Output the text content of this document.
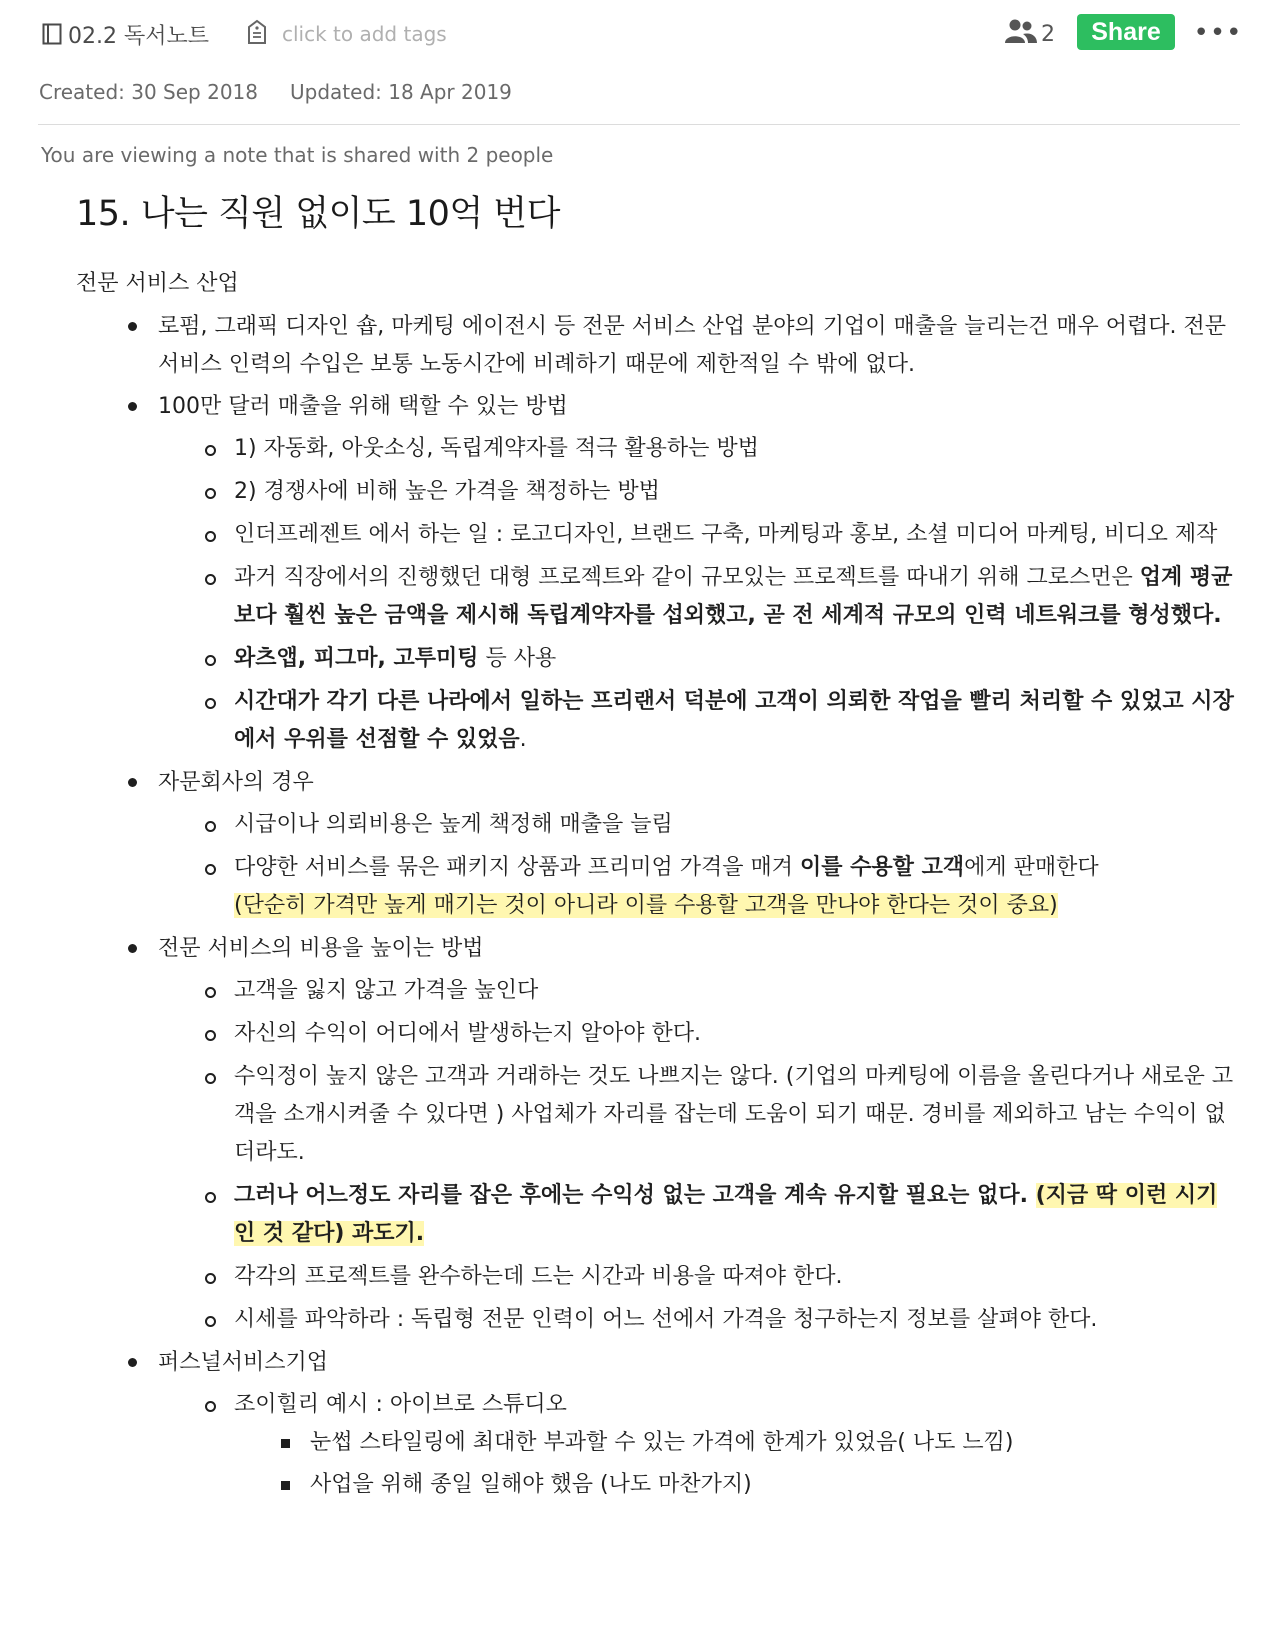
02.2 독서노트
click to add tags	2	Share	•••
Created: 30 Sep 2018 Updated: 18 Apr 2019
You are viewing a note that is shared with 2 people
15. 나는 직원 없이도 10억 번다
전문 서비스 산업
로펌, 그래픽 디자인 숍, 마케팅 에이전시 등 전문 서비스 산업 분야의 기업이 매출을 늘리는건 매우 어렵다. 전문 서비스 인력의 수입은 보통 노동시간에 비례하기 때문에 제한적일 수 밖에 없다.
100만 달러 매출을 위해 택할 수 있는 방법
1) 자동화, 아웃소싱, 독립계약자를 적극 활용하는 방법
2) 경쟁사에 비해 높은 가격을 책정하는 방법
인더프레젠트 에서 하는 일 : 로고디자인, 브랜드 구축, 마케팅과 홍보, 소셜 미디어 마케팅, 비디오 제작
과거 직장에서의 진행했던 대형 프로젝트와 같이 규모있는 프로젝트를 따내기 위해 그로스먼은 업계 평균보다 훨씬 높은 금액을 제시해 독립계약자를 섭외했고, 곧 전 세계적 규모의 인력 네트워크를 형성했다.
와츠앱, 피그마, 고투미팅 등 사용
시간대가 각기 다른 나라에서 일하는 프리랜서 덕분에 고객이 의뢰한 작업을 빨리 처리할 수 있었고 시장에서 우위를 선점할 수 있었음.
자문회사의 경우
시급이나 의뢰비용은 높게 책정해 매출을 늘림
다양한 서비스를 묶은 패키지 상품과 프리미엄 가격을 매겨 이를 수용할 고객에게 판매한다
(단순히 가격만 높게 매기는 것이 아니라 이를 수용할 고객을 만나야 한다는 것이 중요)
전문 서비스의 비용을 높이는 방법
고객을 잃지 않고 가격을 높인다
자신의 수익이 어디에서 발생하는지 알아야 한다.
수익정이 높지 않은 고객과 거래하는 것도 나쁘지는 않다. (기업의 마케팅에 이름을 올린다거나 새로운 고객을 소개시켜줄 수 있다면 ) 사업체가 자리를 잡는데 도움이 되기 때문. 경비를 제외하고 남는 수익이 없더라도.
그러나 어느정도 자리를 잡은 후에는 수익성 없는 고객을 계속 유지할 필요는 없다. (지금 딱 이런 시기 인 것 같다) 과도기.
각각의 프로젝트를 완수하는데 드는 시간과 비용을 따져야 한다.
시세를 파악하라 : 독립형 전문 인력이 어느 선에서 가격을 청구하는지 정보를 살펴야 한다.
퍼스널서비스기업
조이힐리 예시 : 아이브로 스튜디오
눈썹 스타일링에 최대한 부과할 수 있는 가격에 한계가 있었음( 나도 느낌)
사업을 위해 종일 일해야 했음 (나도 마찬가지)
